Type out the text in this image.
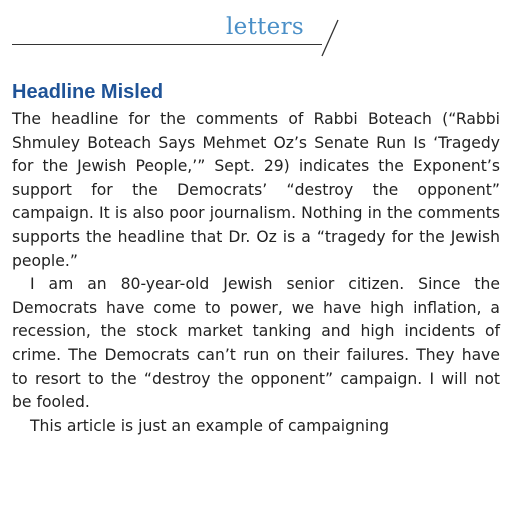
letters
Headline Misled

The headline for the comments of Rabbi Boteach (“Rabbi Shmuley Boteach Says Mehmet Oz’s Senate Run Is ‘Tragedy for the Jewish People,’” Sept. 29) indicates the Exponent’s support for the Democrats’ “destroy the opponent” campaign. It is also poor journalism. Nothing in the comments supports the headline that Dr. Oz is a “tragedy for the Jewish people.”

I am an 80-year-old Jewish senior citizen. Since the Democrats have come to power, we have high inflation, a recession, the stock market tanking and high incidents of crime. The Democrats can’t run on their failures. They have to resort to the “destroy the opponent” campaign. I will not be fooled.

This article is just an example of campaigning
